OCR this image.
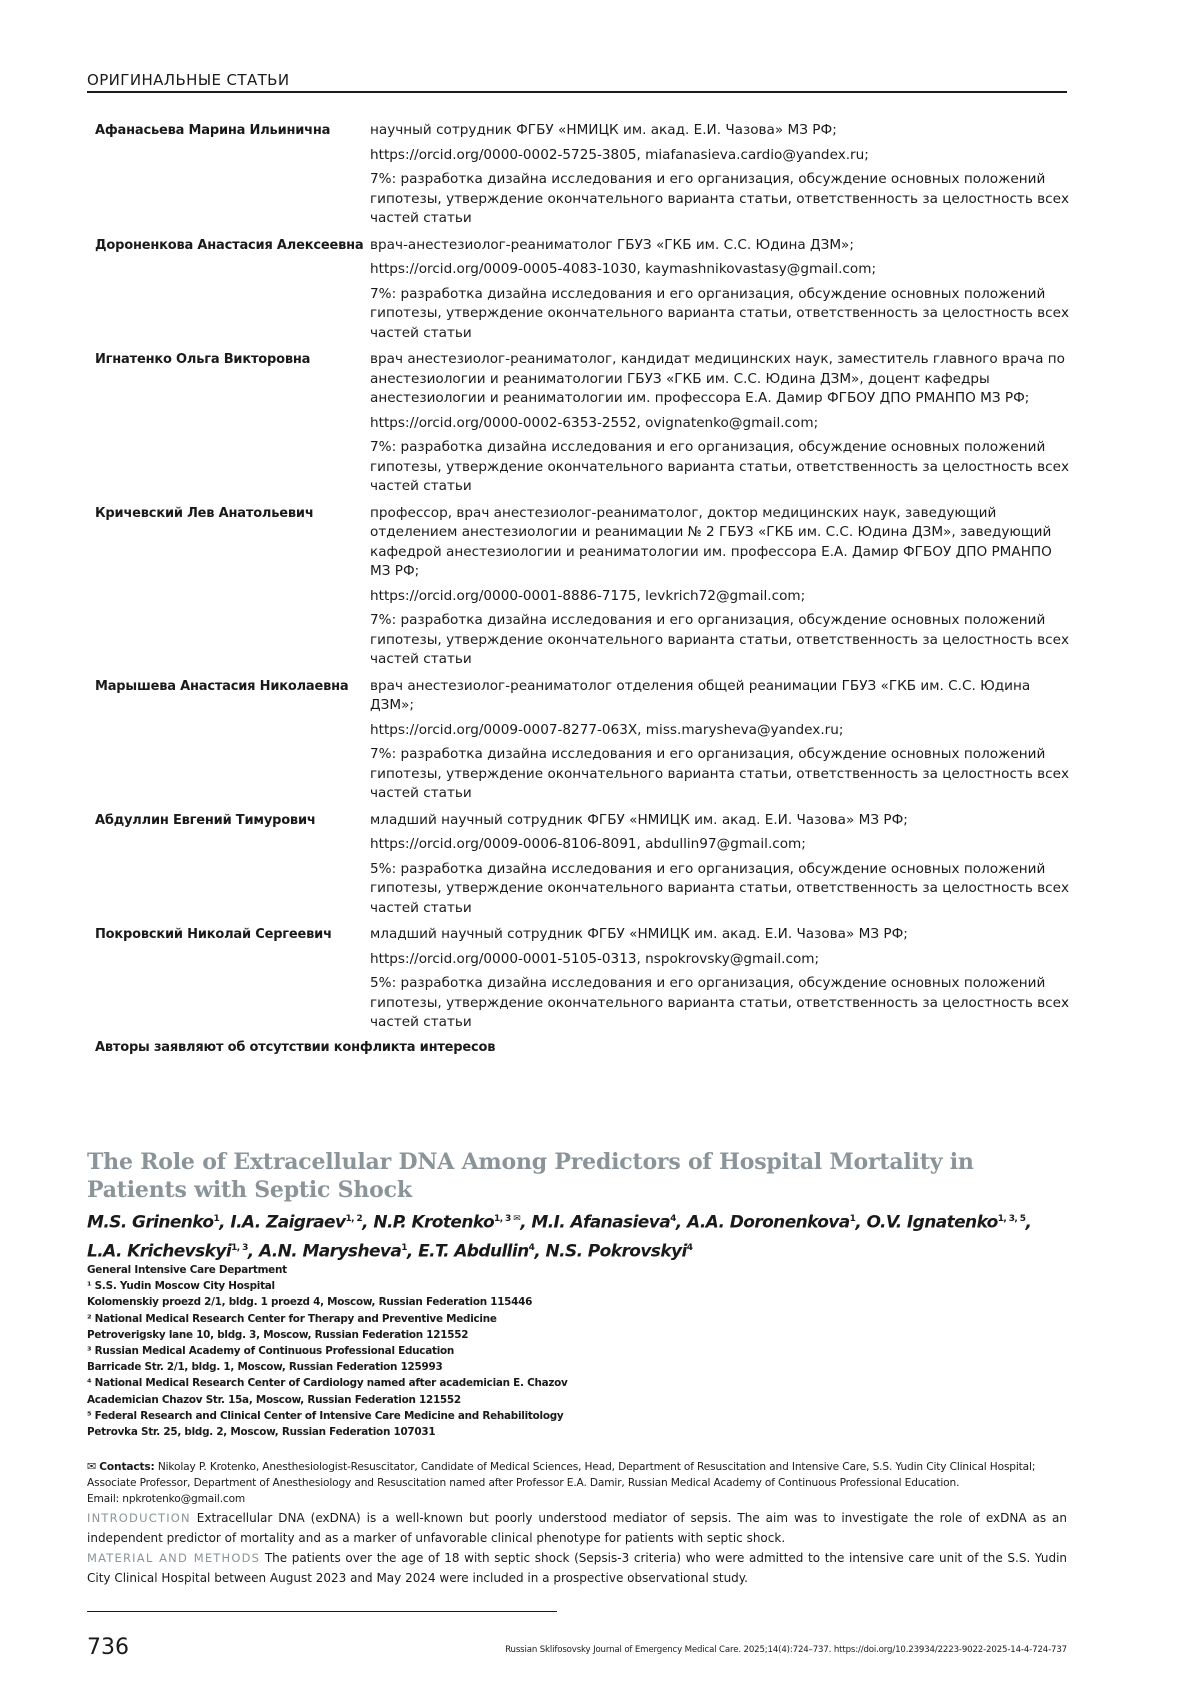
ОРИГИНАЛЬНЫЕ СТАТЬИ
Афанасьева Марина Ильинична	научный сотрудник ФГБУ «НМИЦК им. акад. Е.И. Чазова» МЗ РФ;

https://orcid.org/0000-0002-5725-3805, miafanasieva.cardio@yandex.ru;

7%: разработка дизайна исследования и его организация, обсуждение основных положений гипотезы, утверждение окончательного варианта статьи, ответственность за целостность всех частей статьи

Дороненкова Анастасия Алексеевна врач-анестезиолог-реаниматолог ГБУЗ «ГКБ им. С.С. Юдина ДЗМ»;

https://orcid.org/0009-0005-4083-1030, kaymashnikovastasy@gmail.com;

7%: разработка дизайна исследования и его организация, обсуждение основных положений гипотезы, утверждение окончательного варианта статьи, ответственность за целостность всех частей статьи

Игнатенко Ольга Викторовна	врач анестезиолог-реаниматолог, кандидат медицинских наук, заместитель главного врача по анестезиологии и реаниматологии ГБУЗ «ГКБ им. С.С. Юдина ДЗМ», доцент кафедры анестезиологии и реаниматологии им. профессора Е.А. Дамир ФГБОУ ДПО РМАНПО МЗ РФ;

https://orcid.org/0000-0002-6353-2552, ovignatenko@gmail.com;

7%: разработка дизайна исследования и его организация, обсуждение основных положений гипотезы, утверждение окончательного варианта статьи, ответственность за целостность всех частей статьи

Кричевский Лев Анатольевич	профессор, врач анестезиолог-реаниматолог, доктор медицинских наук, заведующий отделением анестезиологии и реанимации № 2 ГБУЗ «ГКБ им. С.С. Юдина ДЗМ», заведующий кафедрой анестезиологии и реаниматологии им. профессора Е.А. Дамир ФГБОУ ДПО РМАНПО МЗ РФ;

https://orcid.org/0000-0001-8886-7175, levkrich72@gmail.com;

7%: разработка дизайна исследования и его организация, обсуждение основных положений гипотезы, утверждение окончательного варианта статьи, ответственность за целостность всех частей статьи

Марышева Анастасия Николаевна	врач анестезиолог-реаниматолог отделения общей реанимации ГБУЗ «ГКБ им. С.С. Юдина ДЗМ»;

https://orcid.org/0009-0007-8277-063X, miss.marysheva@yandex.ru;

7%: разработка дизайна исследования и его организация, обсуждение основных положений гипотезы, утверждение окончательного варианта статьи, ответственность за целостность всех частей статьи

Абдуллин Евгений Тимурович	младший научный сотрудник ФГБУ «НМИЦК им. акад. Е.И. Чазова» МЗ РФ;

https://orcid.org/0009-0006-8106-8091, abdullin97@gmail.com;

5%: разработка дизайна исследования и его организация, обсуждение основных положений гипотезы, утверждение окончательного варианта статьи, ответственность за целостность всех частей статьи

Покровский Николай Сергеевич	младший научный сотрудник ФГБУ «НМИЦК им. акад. Е.И. Чазова» МЗ РФ;

https://orcid.org/0000-0001-5105-0313, nspokrovsky@gmail.com;

5%: разработка дизайна исследования и его организация, обсуждение основных положений гипотезы, утверждение окончательного варианта статьи, ответственность за целостность всех частей статьи

Авторы заявляют об отсутствии конфликта интересов
The Role of Extracellular DNA Among Predictors of Hospital Mortality in Patients with Septic Shock
M.S. Grinenko$^1$, I.A. Zaigraev$^{1, 2}$, N.P. Krotenko$^{1, 3 ✉}$, M.I. Afanasieva$^4$, A.A. Doronenkova$^1$, O.V. Ignatenko$^{1, 3, 5}$,
L.A. Krichevskyi$^{1, 3}$, A.N. Marysheva$^1$, E.T. Abdullin$^4$, N.S. Pokrovskyi$^4$
General Intensive Care Department
¹ S.S. Yudin Moscow City Hospital
Kolomenskiy proezd 2/1, bldg. 1 proezd 4, Moscow, Russian Federation 115446
² National Medical Research Center for Therapy and Preventive Medicine
Petroverigsky lane 10, bldg. 3, Moscow, Russian Federation 121552
³ Russian Medical Academy of Continuous Professional Education
Barricade Str. 2/1, bldg. 1, Moscow, Russian Federation 125993
⁴ National Medical Research Center of Cardiology named after academician E. Chazov
Academician Chazov Str. 15a, Moscow, Russian Federation 121552
⁵ Federal Research and Clinical Center of Intensive Care Medicine and Rehabilitology
Petrovka Str. 25, bldg. 2, Moscow, Russian Federation 107031
✉ Contacts: Nikolay P. Krotenko, Anesthesiologist-Resuscitator, Candidate of Medical Sciences, Head, Department of Resuscitation and Intensive Care, S.S. Yudin City Clinical Hospital; Associate Professor, Department of Anesthesiology and Resuscitation named after Professor E.A. Damir, Russian Medical Academy of Continuous Professional Education.
Email: npkrotenko@gmail.com

INTRODUCTION Extracellular DNA (exDNA) is a well-known but poorly understood mediator of sepsis. The aim was to investigate the role of exDNA as an independent predictor of mortality and as a marker of unfavorable clinical phenotype for patients with septic shock.

MATERIAL AND METHODS The patients over the age of 18 with septic shock (Sepsis-3 criteria) who were admitted to the intensive care unit of the S.S. Yudin City Clinical Hospital between August 2023 and May 2024 were included in a prospective observational study.

736	Russian Sklifosovsky Journal of Emergency Medical Care. 2025;14(4):724–737. https://doi.org/10.23934/2223-9022-2025-14-4-724-737
